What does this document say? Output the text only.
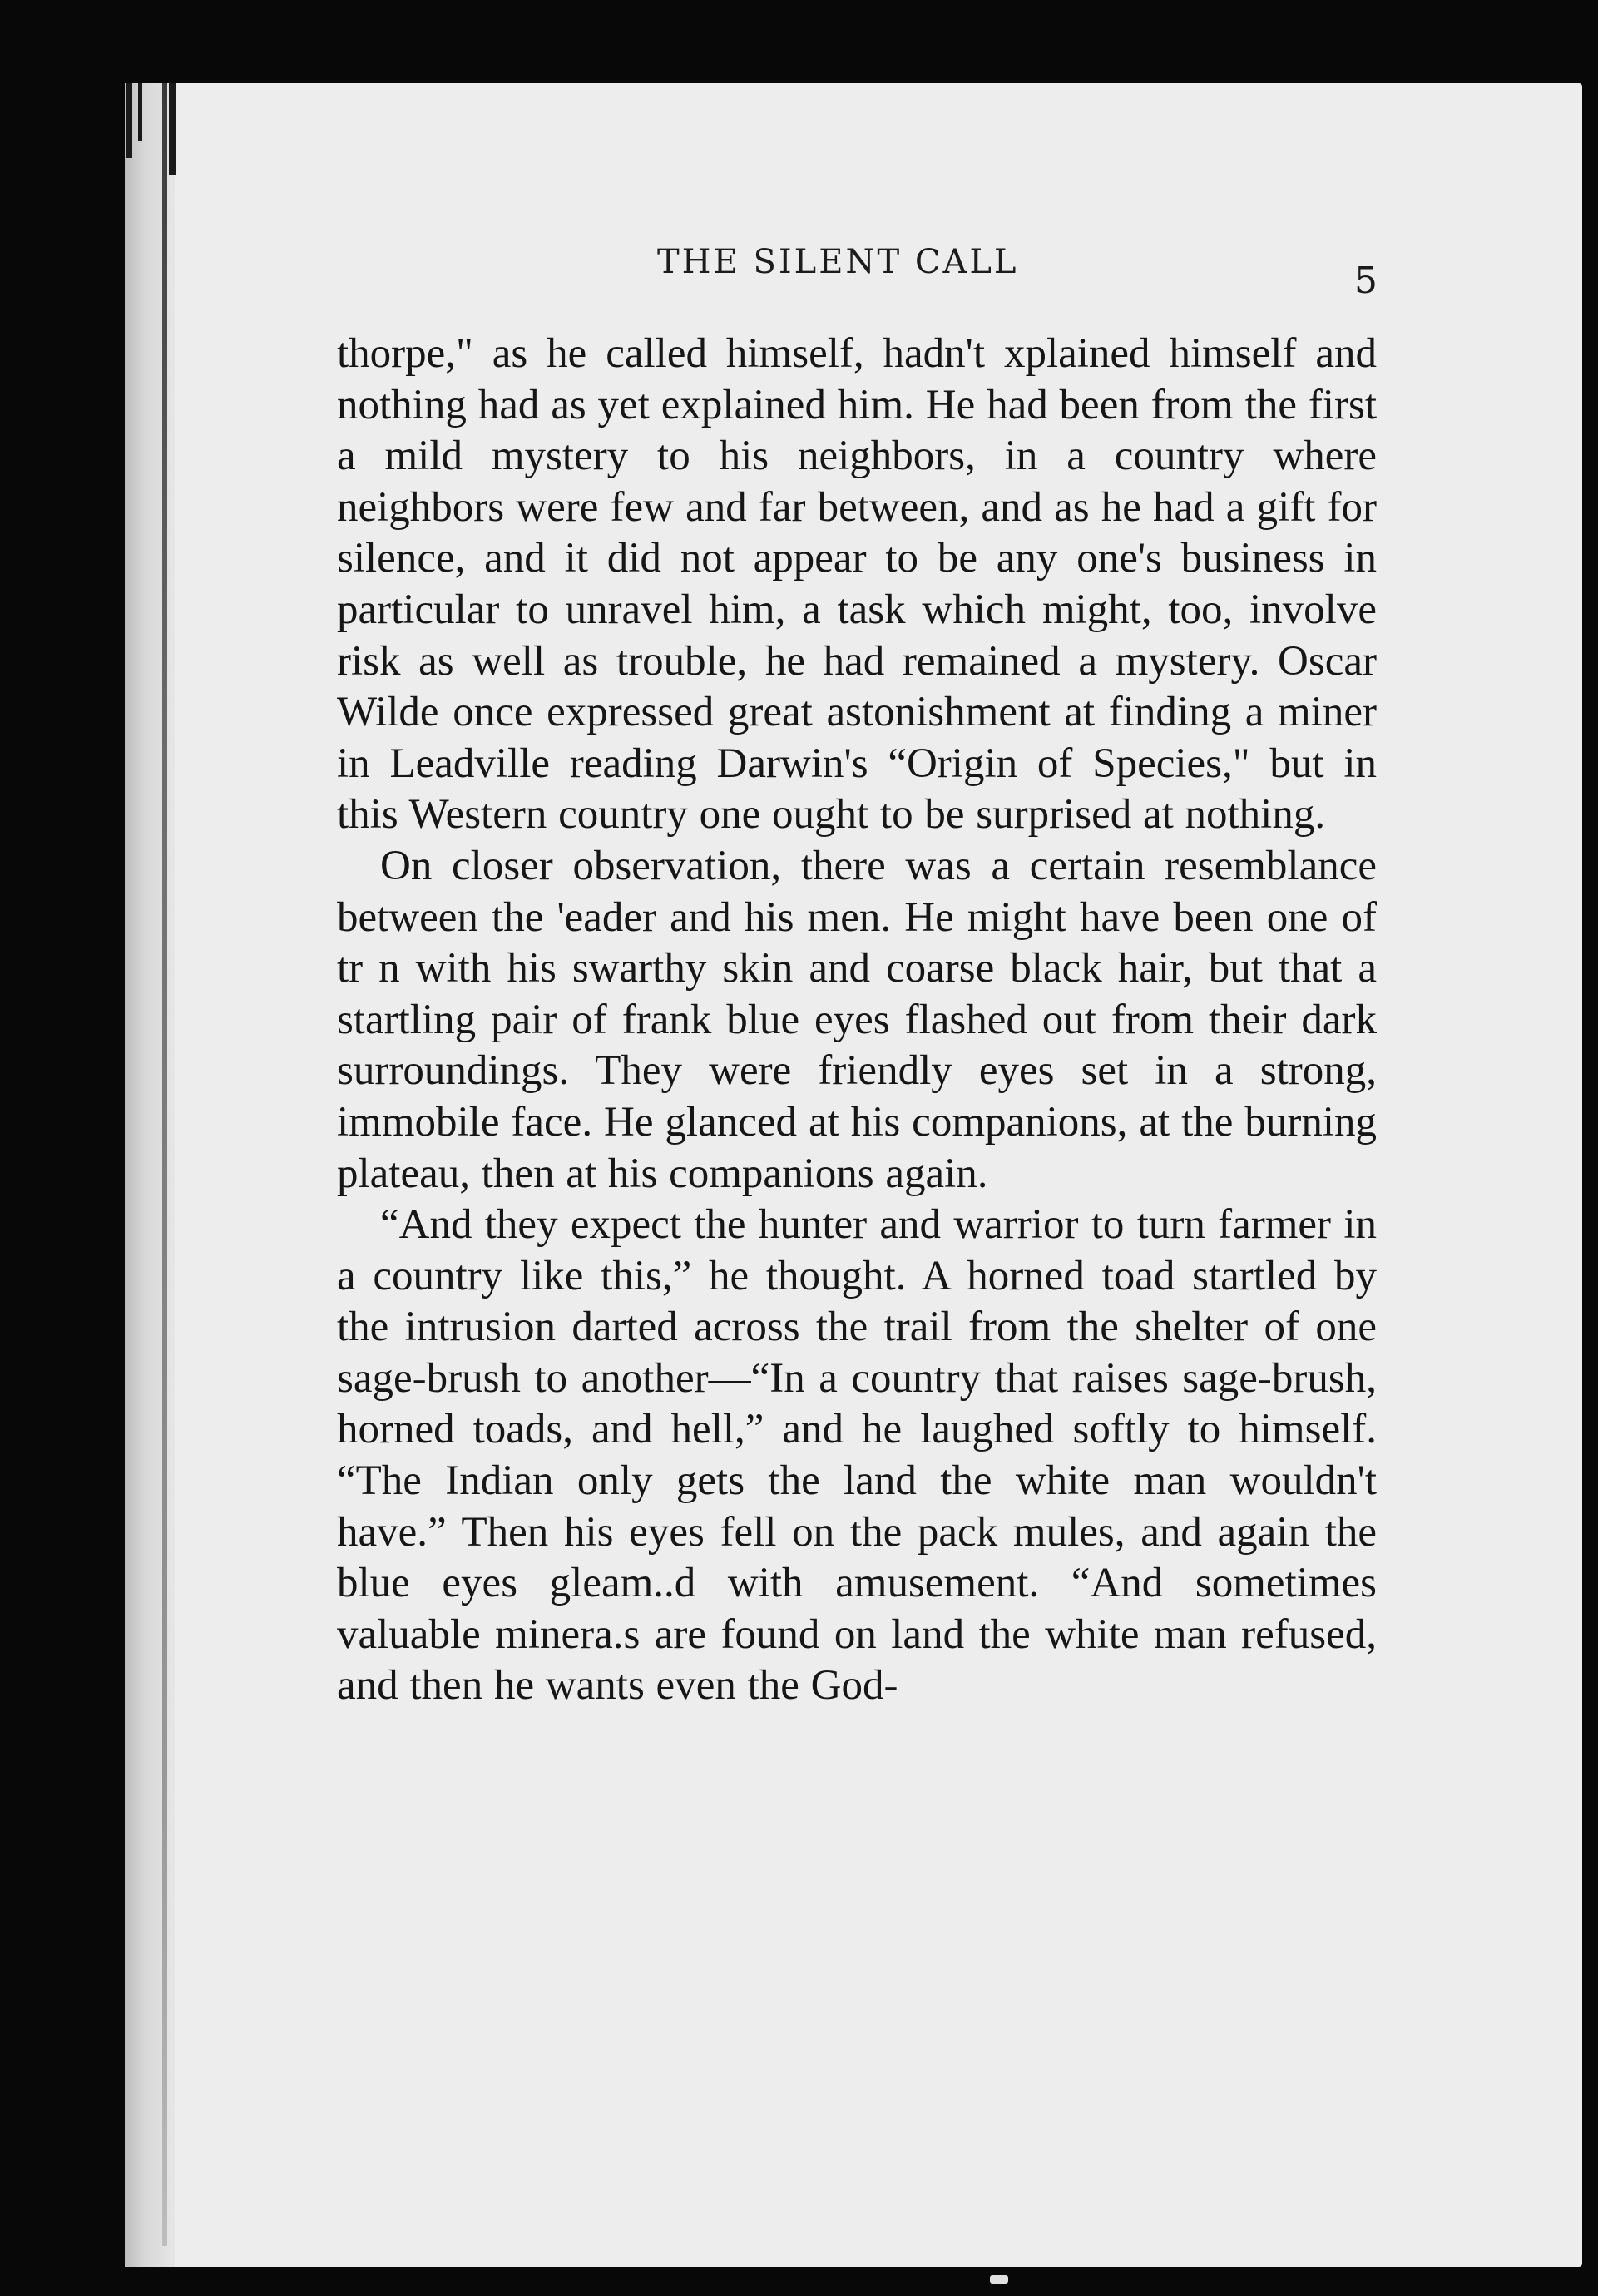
THE SILENT CALL	5

thorpe," as he called himself, hadn't xplained himself and nothing had as yet explained him. He had been from the first a mild mystery to his neighbors, in a country where neighbors were few and far between, and as he had a gift for silence, and it did not appear to be any one's business in particular to unravel him, a task which might, too, involve risk as well as trouble, he had remained a mystery. Oscar Wilde once expressed great astonishment at finding a miner in Leadville reading Darwin's “Origin of Species," but in this Western country one ought to be surprised at nothing.

On closer observation, there was a certain resemblance between the 'eader and his men. He might have been one of tr n with his swarthy skin and coarse black hair, but that a startling pair of frank blue eyes flashed out from their dark surroundings. They were friendly eyes set in a strong, immobile face. He glanced at his companions, at the burning plateau, then at his companions again.

“And they expect the hunter and warrior to turn farmer in a country like this,” he thought. A horned toad startled by the intrusion darted across the trail from the shelter of one sage-brush to another—“In a country that raises sage-brush, horned toads, and hell,” and he laughed softly to himself. “The Indian only gets the land the white man wouldn't have.” Then his eyes fell on the pack mules, and again the blue eyes gleam..d with amusement. “And sometimes valuable minera.s are found on land the white man refused, and then he wants even the God-
